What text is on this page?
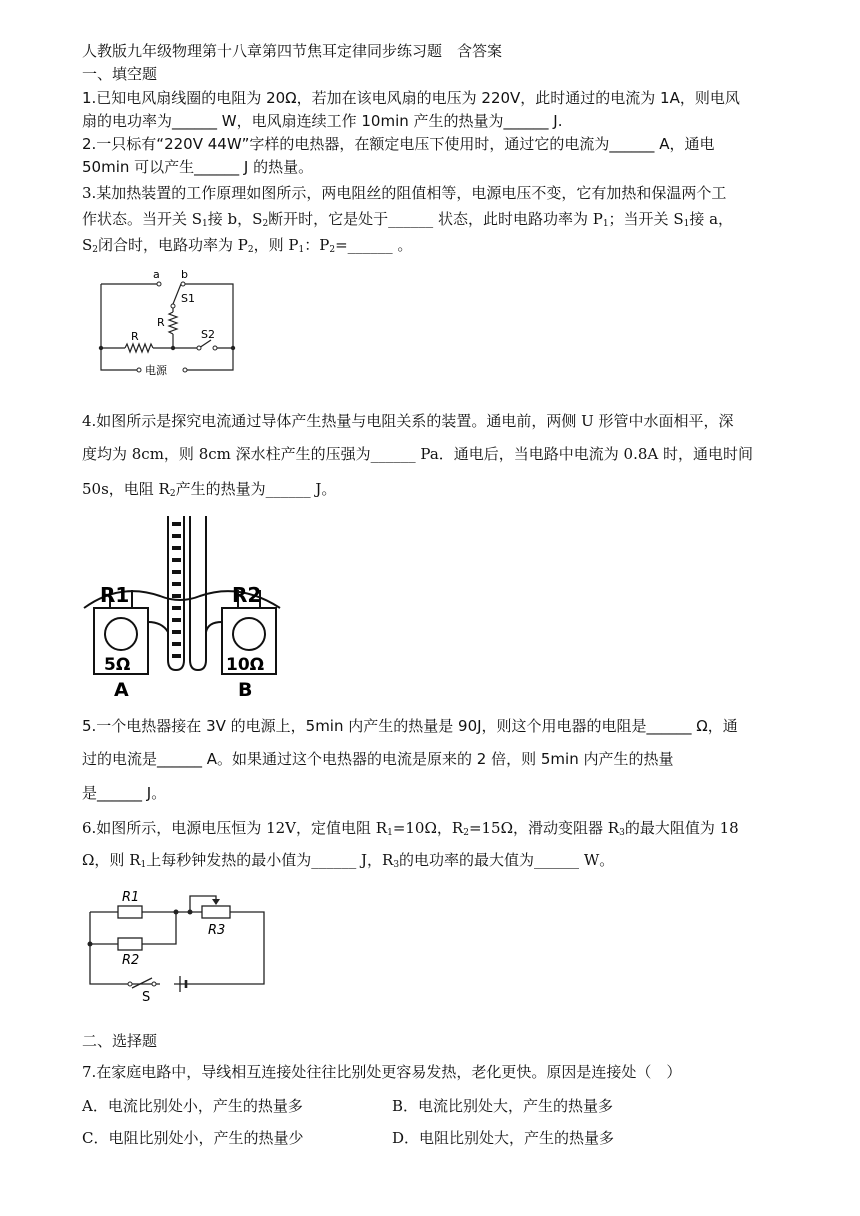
人教版九年级物理第十八章第四节焦耳定律同步练习题　含答案
一、填空题
1.已知电风扇线圈的电阻为 20Ω，若加在该电风扇的电压为 220V，此时通过的电流为 1A，则电风
扇的电功率为______ W，电风扇连续工作 10min 产生的热量为______ J.
2.一只标有“220V 44W”字样的电热器，在额定电压下使用时，通过它的电流为______ A，通电
50min 可以产生______ J 的热量。
3.某加热装置的工作原理如图所示，两电阻丝的阻值相等，电源电压不变，它有加热和保温两个工
作状态。当开关 $S_1$接 b，$S_2$断开时，它是处于______ 状态，此时电路功率为 $P_1$；当开关 $S_1$接 a，
$S_2$闭合时，电路功率为 $P_2$，则 $P_1$：$P_2=\_\_\_\_\_\_$ 。
a b
S1
R
R	S2
电源
4.如图所示是探究电流通过导体产生热量与电阻关系的装置。通电前，两侧 U 形管中水面相平，深
度均为 8cm，则 8cm 深水柱产生的压强为______ Pa．通电后，当电路中电流为 0.8A 时，通电时间
50s，电阻 $R_2$产生的热量为______ J。
R1	R2
5Ω	10Ω
A	B
5.一个电热器接在 3V 的电源上，5min 内产生的热量是 90J，则这个用电器的电阻是______ Ω，通
过的电流是______ A。如果通过这个电热器的电流是原来的 2 倍，则 5min 内产生的热量
是______ J。
6.如图所示，电源电压恒为 12V，定值电阻 $R_1=10\Omega$，$R_2=15\Omega$，滑动变阻器 $R_3$的最大阻值为 18
Ω，则 $R_1$上每秒钟发热的最小值为______ J，$R_3$的电功率的最大值为______ W。
R1
R2
R3
S
二、选择题
7.在家庭电路中，导线相互连接处往往比别处更容易发热，老化更快。原因是连接处（　）
A．电流比别处小，产生的热量多	B．电流比别处大，产生的热量多
C．电阻比别处小，产生的热量少	D．电阻比别处大，产生的热量多
